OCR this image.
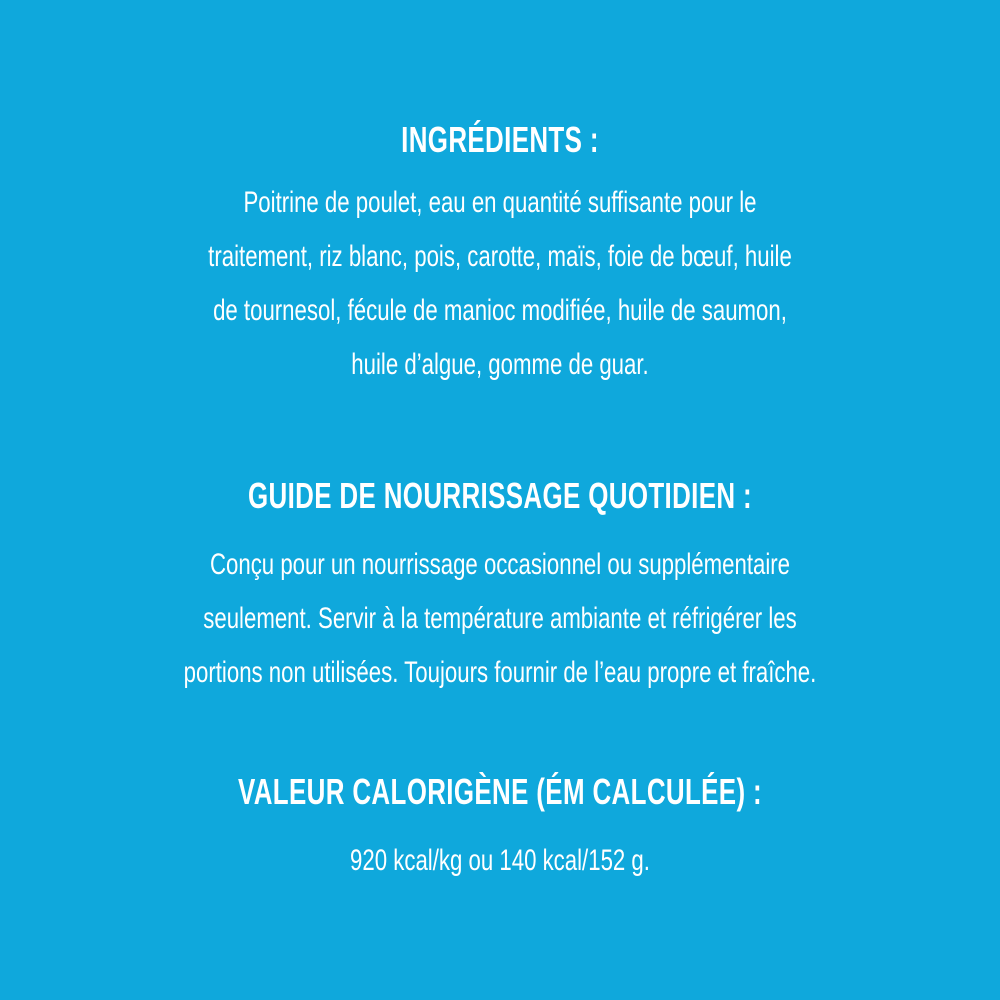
INGRÉDIENTS :

Poitrine de poulet, eau en quantité suffisante pour le
traitement, riz blanc, pois, carotte, maïs, foie de bœuf, huile
de tournesol, fécule de manioc modifiée, huile de saumon,
huile d’algue, gomme de guar.

GUIDE DE NOURRISSAGE QUOTIDIEN :

Conçu pour un nourrissage occasionnel ou supplémentaire
seulement. Servir à la température ambiante et réfrigérer les
portions non utilisées. Toujours fournir de l’eau propre et fraîche.

VALEUR CALORIGÈNE (ÉM CALCULÉE) :

920 kcal/kg ou 140 kcal/152 g.
